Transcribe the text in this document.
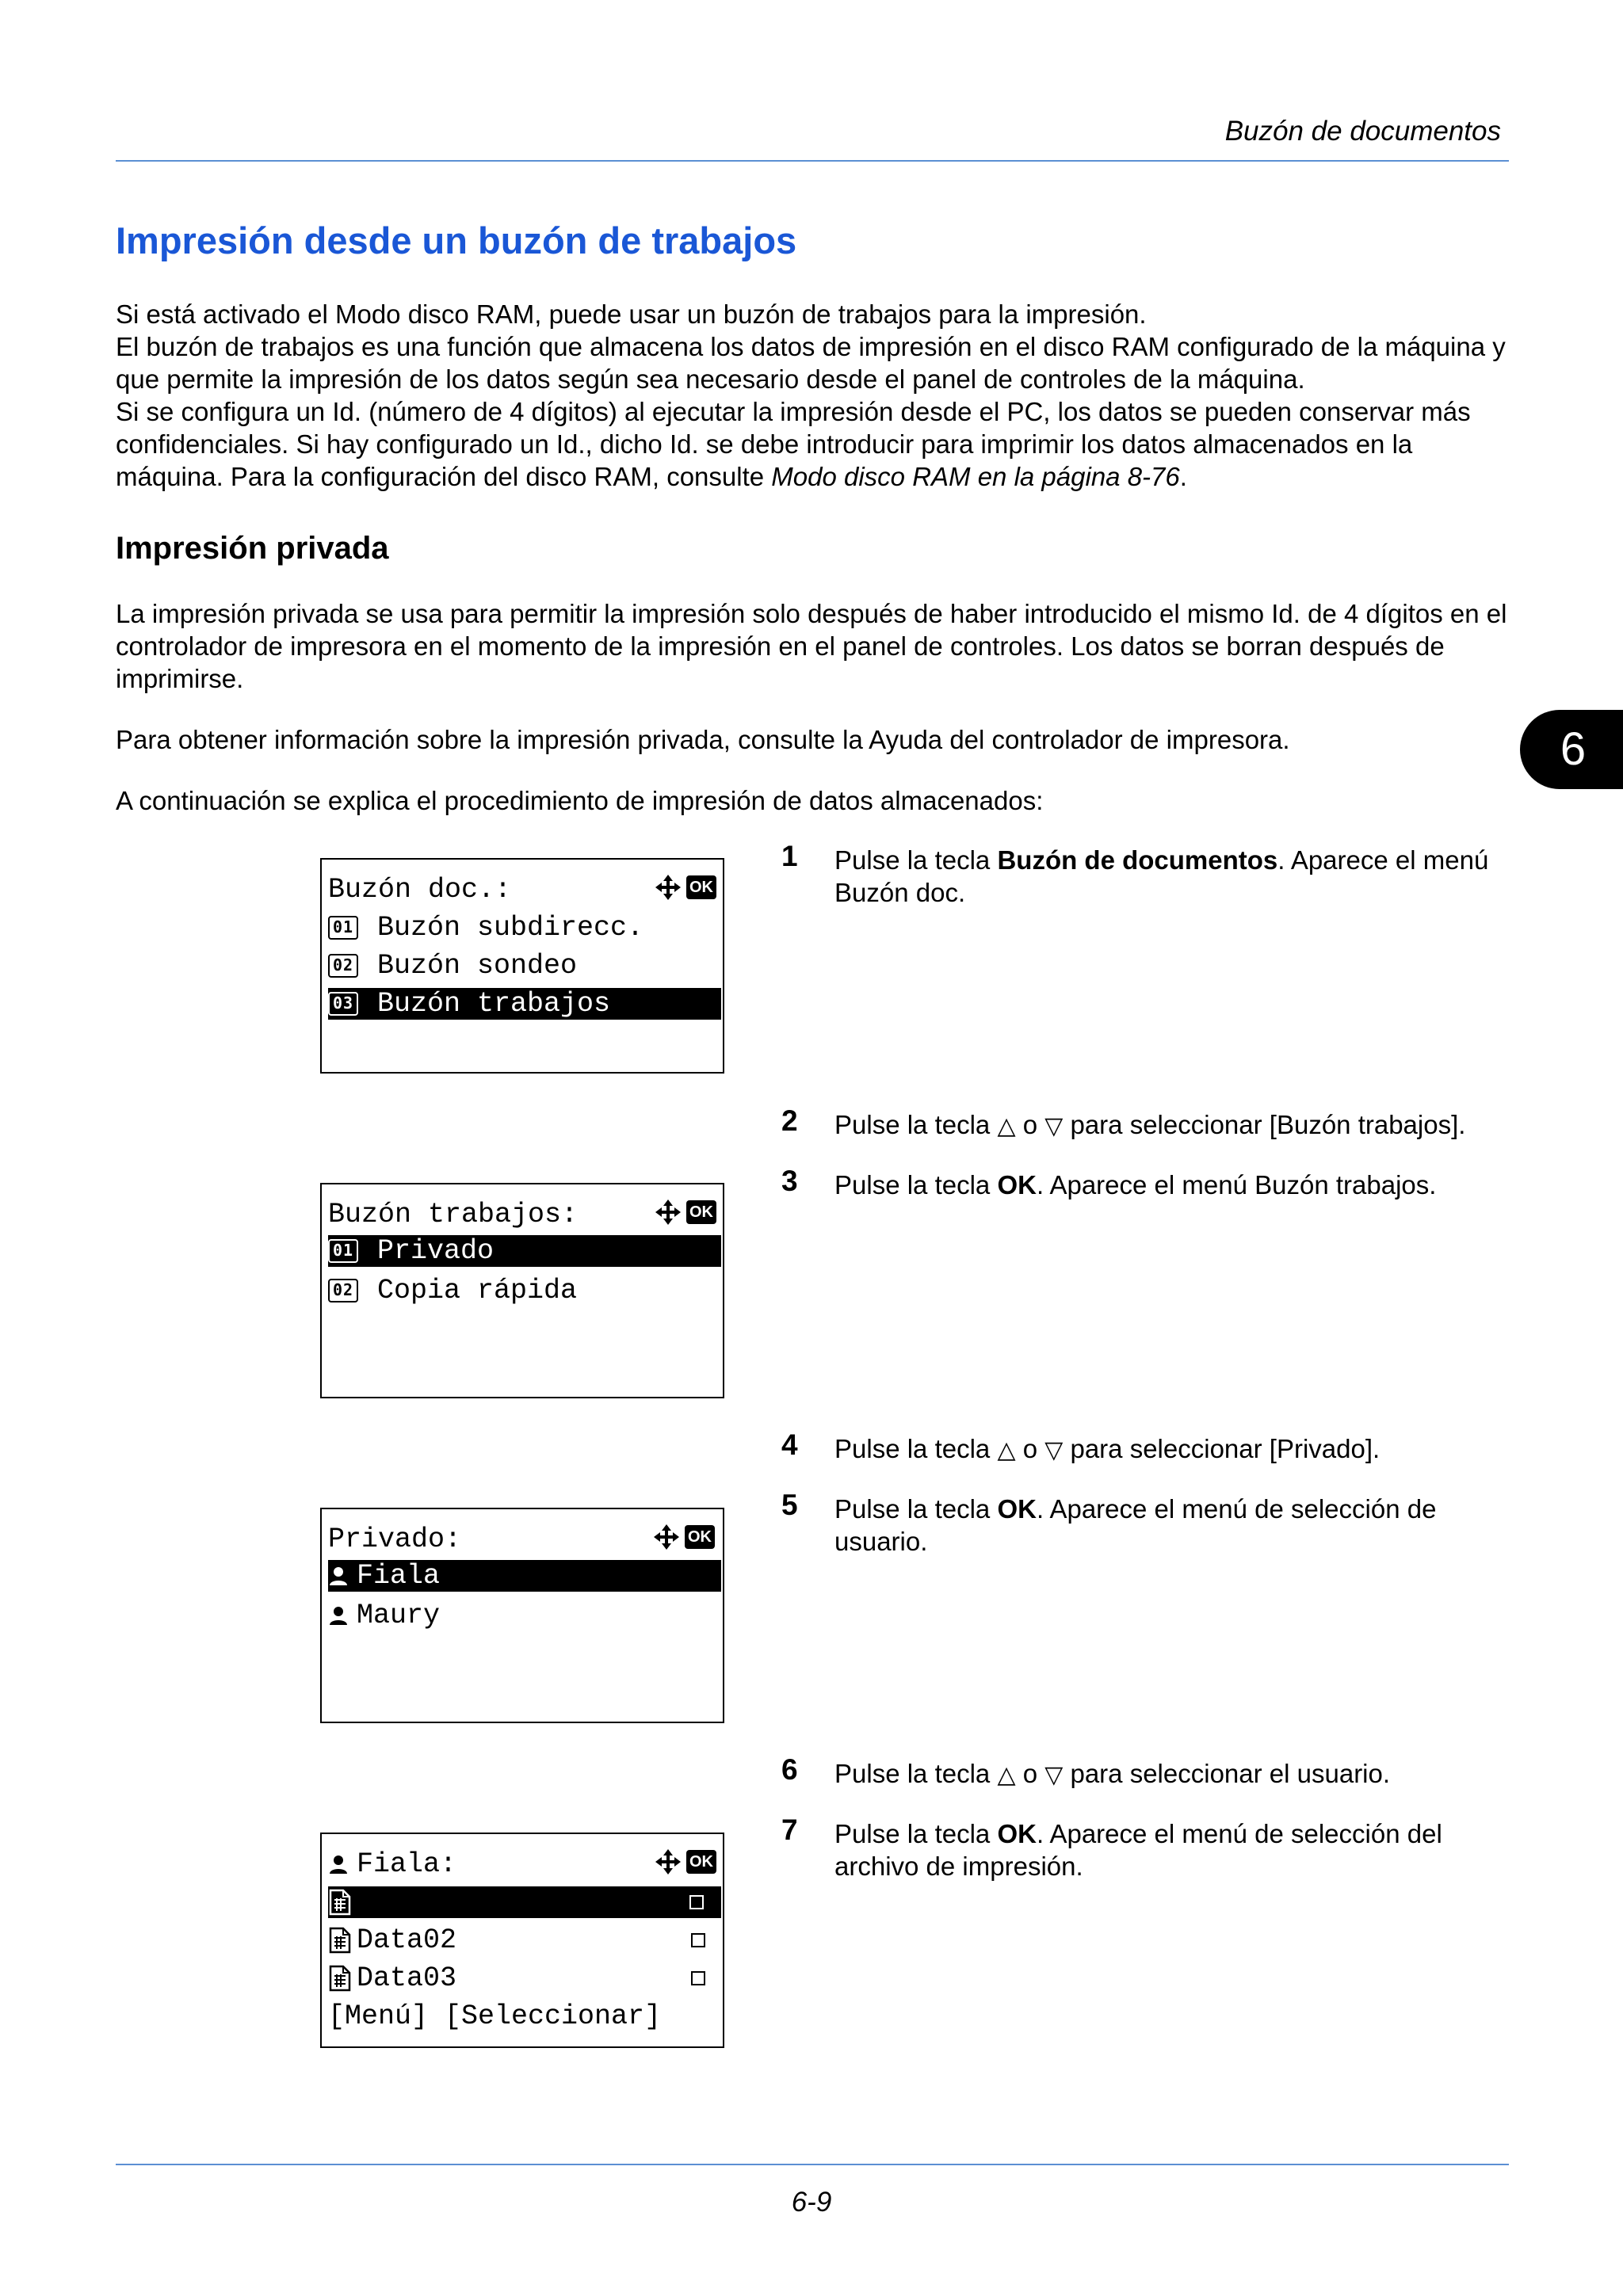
Buzón de documentos
Impresión desde un buzón de trabajos

Si está activado el Modo disco RAM, puede usar un buzón de trabajos para la impresión.

El buzón de trabajos es una función que almacena los datos de impresión en el disco RAM configurado de la máquina y que permite la impresión de los datos según sea necesario desde el panel de controles de la máquina.

Si se configura un Id. (número de 4 dígitos) al ejecutar la impresión desde el PC, los datos se pueden conservar más confidenciales. Si hay configurado un Id., dicho Id. se debe introducir para imprimir los datos almacenados en la máquina. Para la configuración del disco RAM, consulte Modo disco RAM en la página 8-76.

Impresión privada
La impresión privada se usa para permitir la impresión solo después de haber introducido el mismo Id. de 4 dígitos en el controlador de impresora en el momento de la impresión en el panel de controles. Los datos se borran después de imprimirse.
Para obtener información sobre la impresión privada, consulte la Ayuda del controlador de impresora.
A continuación se explica el procedimiento de impresión de datos almacenados:
6
Buzón doc.:	OK
01 Buzón subdirecc.
02 Buzón sondeo
03 Buzón trabajos
Buzón trabajos:	OK
01 Privado
02 Copia rápida
Privado:	OK
Fiala
Maury
Fiala:	OK
Data02
Data03
[Menú] [Seleccionar]
1 Pulse la tecla Buzón de documentos. Aparece el menú Buzón doc.
2 Pulse la tecla △ o ▽ para seleccionar [Buzón trabajos].
3 Pulse la tecla OK. Aparece el menú Buzón trabajos.
4 Pulse la tecla △ o ▽ para seleccionar [Privado].
5 Pulse la tecla OK. Aparece el menú de selección de usuario.
6 Pulse la tecla △ o ▽ para seleccionar el usuario.
7 Pulse la tecla OK. Aparece el menú de selección del archivo de impresión.
6-9
